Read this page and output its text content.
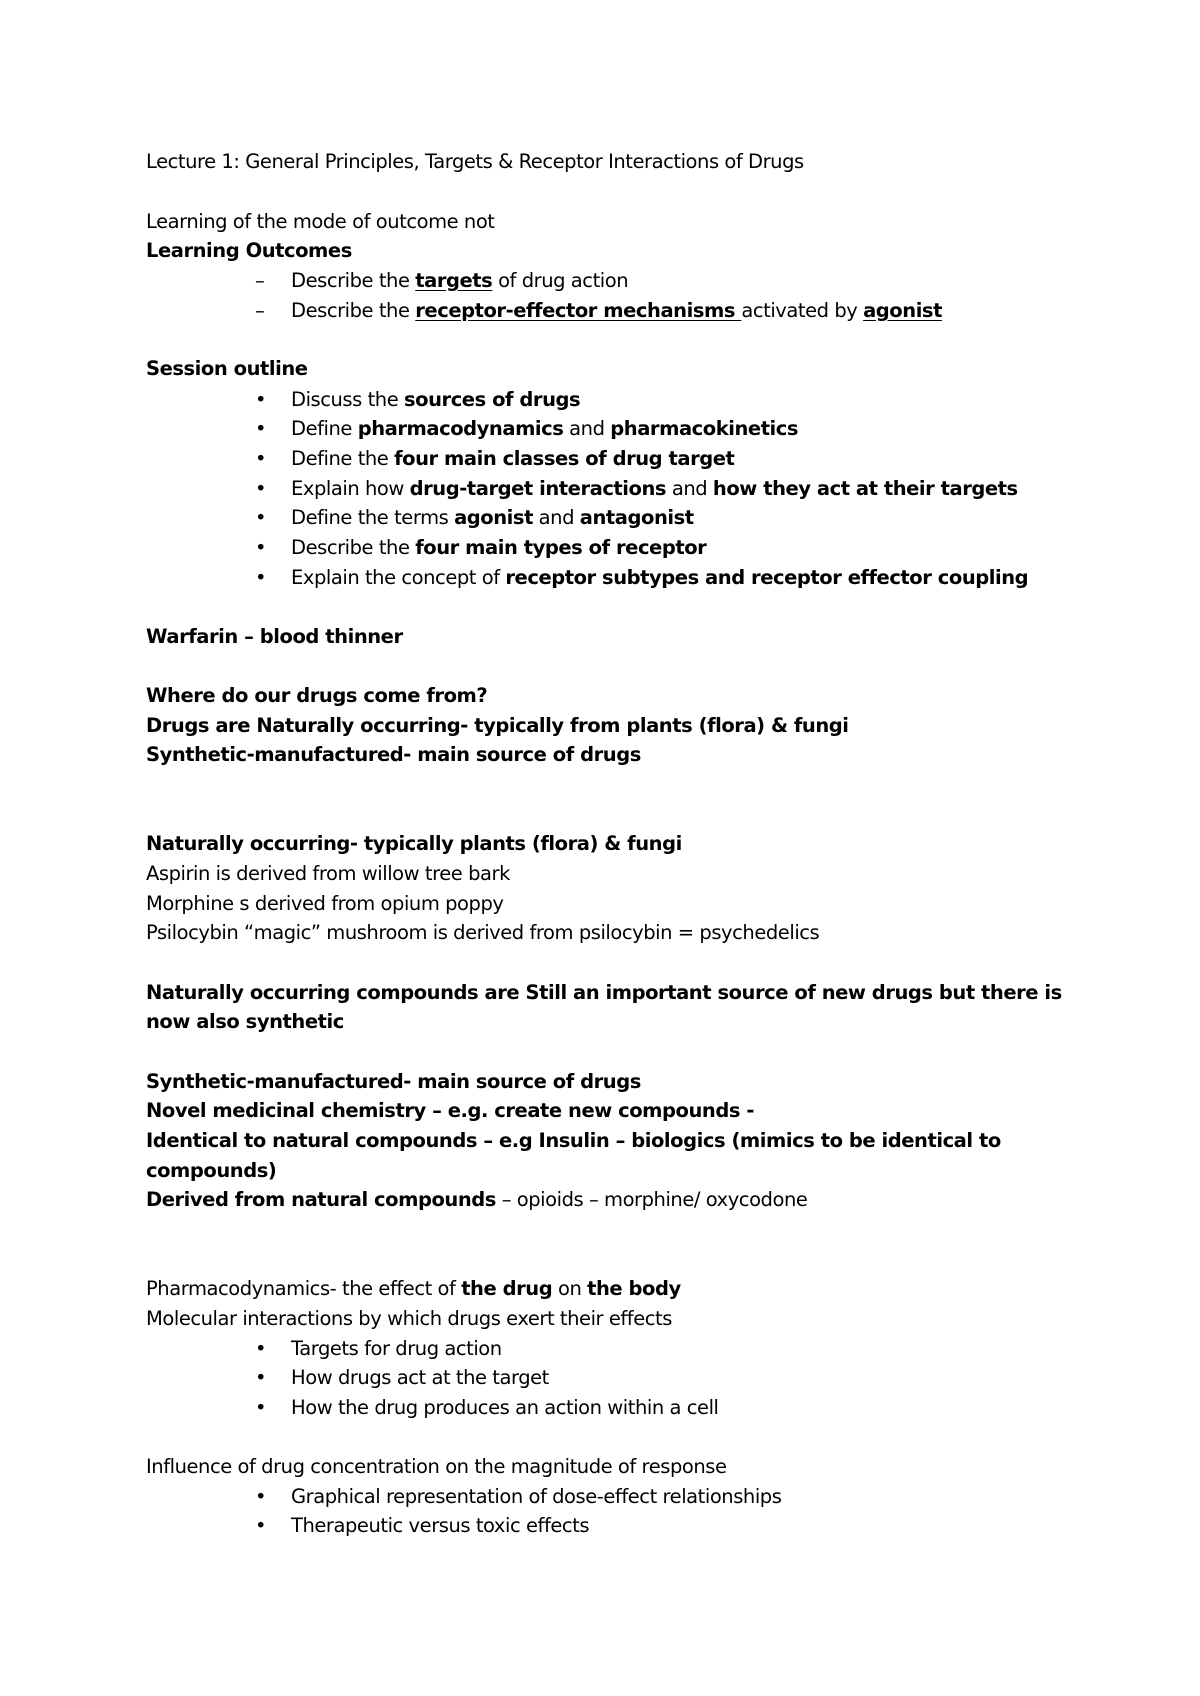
Lecture 1: General Principles, Targets & Receptor Interactions of Drugs
Learning of the mode of outcome not
Learning Outcomes
– Describe the targets of drug action
– Describe the receptor-effector mechanisms activated by agonist
Session outline
• Discuss the sources of drugs
• Define pharmacodynamics and pharmacokinetics
• Define the four main classes of drug target
• Explain how drug-target interactions and how they act at their targets
• Define the terms agonist and antagonist
• Describe the four main types of receptor
• Explain the concept of receptor subtypes and receptor effector coupling
Warfarin – blood thinner
Where do our drugs come from?
Drugs are Naturally occurring- typically from plants (flora) & fungi
Synthetic-manufactured- main source of drugs
Naturally occurring- typically plants (flora) & fungi
Aspirin is derived from willow tree bark
Morphine s derived from opium poppy
Psilocybin “magic” mushroom is derived from psilocybin = psychedelics
Naturally occurring compounds are Still an important source of new drugs but there is
now also synthetic
Synthetic-manufactured- main source of drugs
Novel medicinal chemistry – e.g. create new compounds -
Identical to natural compounds – e.g Insulin – biologics (mimics to be identical to
compounds)
Derived from natural compounds – opioids – morphine/ oxycodone
Pharmacodynamics- the effect of the drug on the body
Molecular interactions by which drugs exert their effects
• Targets for drug action
• How drugs act at the target
• How the drug produces an action within a cell
Influence of drug concentration on the magnitude of response
• Graphical representation of dose-effect relationships
• Therapeutic versus toxic effects
